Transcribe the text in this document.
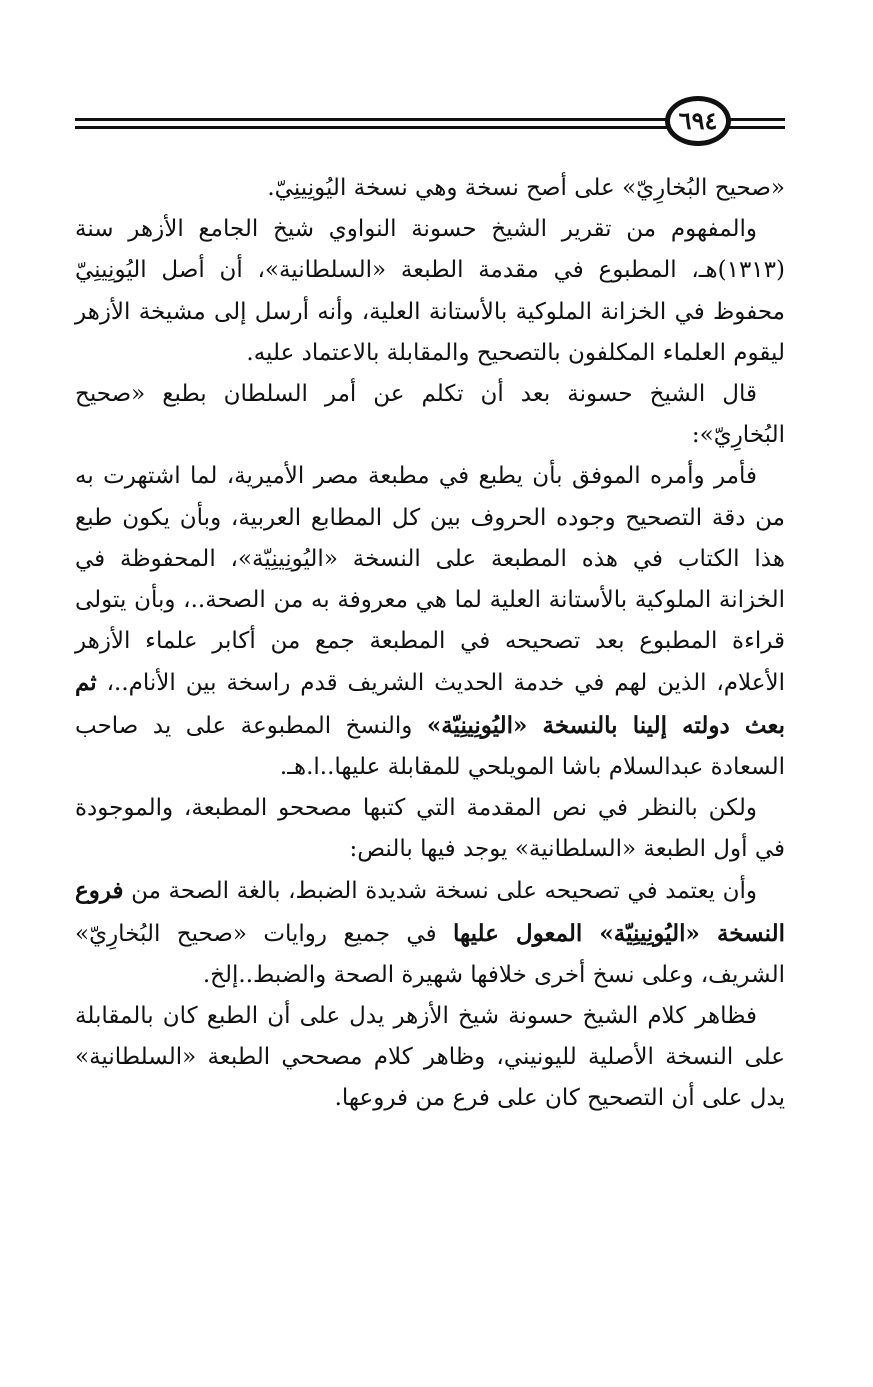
٦٩٤

«صحيح البُخارِيّ» على أصح نسخة وهي نسخة اليُونِينِيّ.

والمفهوم من تقرير الشيخ حسونة النواوي شيخ الجامع الأزهر سنة (١٣١٣)هـ، المطبوع في مقدمة الطبعة «السلطانية»، أن أصل اليُونِينِيّ محفوظ في الخزانة الملوكية بالأستانة العلية، وأنه أرسل إلى مشيخة الأزهر ليقوم العلماء المكلفون بالتصحيح والمقابلة بالاعتماد عليه.

قال الشيخ حسونة بعد أن تكلم عن أمر السلطان بطبع «صحيح البُخارِيّ»:

فأمر وأمره الموفق بأن يطبع في مطبعة مصر الأميرية، لما اشتهرت به من دقة التصحيح وجوده الحروف بين كل المطابع العربية، وبأن يكون طبع هذا الكتاب في هذه المطبعة على النسخة «اليُونِينِيّة»، المحفوظة في الخزانة الملوكية بالأستانة العلية لما هي معروفة به من الصحة..، وبأن يتولى قراءة المطبوع بعد تصحيحه في المطبعة جمع من أكابر علماء الأزهر الأعلام، الذين لهم في خدمة الحديث الشريف قدم راسخة بين الأنام..، ثم بعث دولته إلينا بالنسخة «اليُونِينِيّة» والنسخ المطبوعة على يد صاحب السعادة عبدالسلام باشا المويلحي للمقابلة عليها..ا.هـ.

ولكن بالنظر في نص المقدمة التي كتبها مصححو المطبعة، والموجودة في أول الطبعة «السلطانية» يوجد فيها بالنص:

وأن يعتمد في تصحيحه على نسخة شديدة الضبط، بالغة الصحة من فروع النسخة «اليُونِينِيّة» المعول عليها في جميع روايات «صحيح البُخارِيّ» الشريف، وعلى نسخ أخرى خلافها شهيرة الصحة والضبط..إلخ.

فظاهر كلام الشيخ حسونة شيخ الأزهر يدل على أن الطبع كان بالمقابلة على النسخة الأصلية لليونيني، وظاهر كلام مصححي الطبعة «السلطانية» يدل على أن التصحيح كان على فرع من فروعها.
